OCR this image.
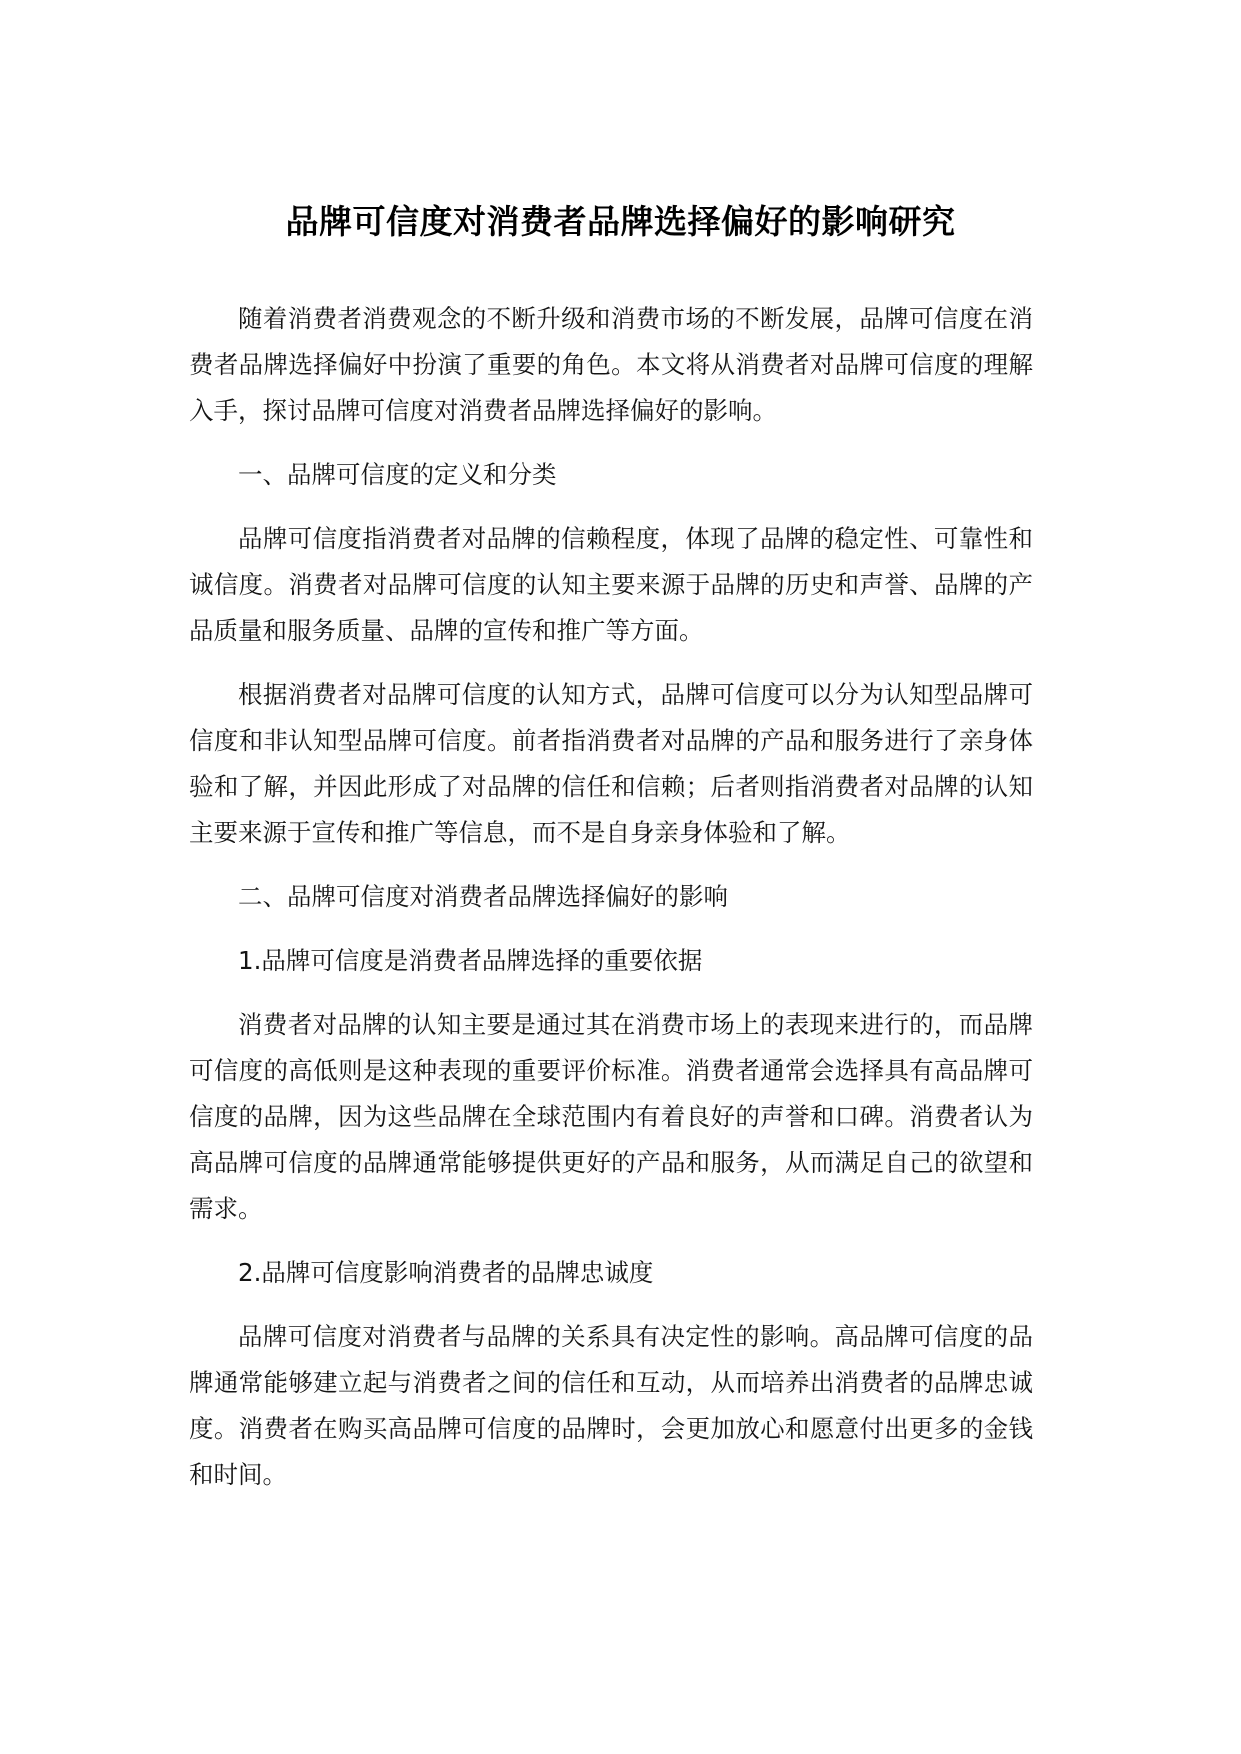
品牌可信度对消费者品牌选择偏好的影响研究

随着消费者消费观念的不断升级和消费市场的不断发展，品牌可信度在消费者品牌选择偏好中扮演了重要的角色。本文将从消费者对品牌可信度的理解入手，探讨品牌可信度对消费者品牌选择偏好的影响。

一、品牌可信度的定义和分类

品牌可信度指消费者对品牌的信赖程度，体现了品牌的稳定性、可靠性和诚信度。消费者对品牌可信度的认知主要来源于品牌的历史和声誉、品牌的产品质量和服务质量、品牌的宣传和推广等方面。

根据消费者对品牌可信度的认知方式，品牌可信度可以分为认知型品牌可信度和非认知型品牌可信度。前者指消费者对品牌的产品和服务进行了亲身体验和了解，并因此形成了对品牌的信任和信赖；后者则指消费者对品牌的认知主要来源于宣传和推广等信息，而不是自身亲身体验和了解。

二、品牌可信度对消费者品牌选择偏好的影响

1.品牌可信度是消费者品牌选择的重要依据

消费者对品牌的认知主要是通过其在消费市场上的表现来进行的，而品牌可信度的高低则是这种表现的重要评价标准。消费者通常会选择具有高品牌可信度的品牌，因为这些品牌在全球范围内有着良好的声誉和口碑。消费者认为高品牌可信度的品牌通常能够提供更好的产品和服务，从而满足自己的欲望和需求。

2.品牌可信度影响消费者的品牌忠诚度

品牌可信度对消费者与品牌的关系具有决定性的影响。高品牌可信度的品牌通常能够建立起与消费者之间的信任和互动，从而培养出消费者的品牌忠诚度。消费者在购买高品牌可信度的品牌时，会更加放心和愿意付出更多的金钱和时间。
